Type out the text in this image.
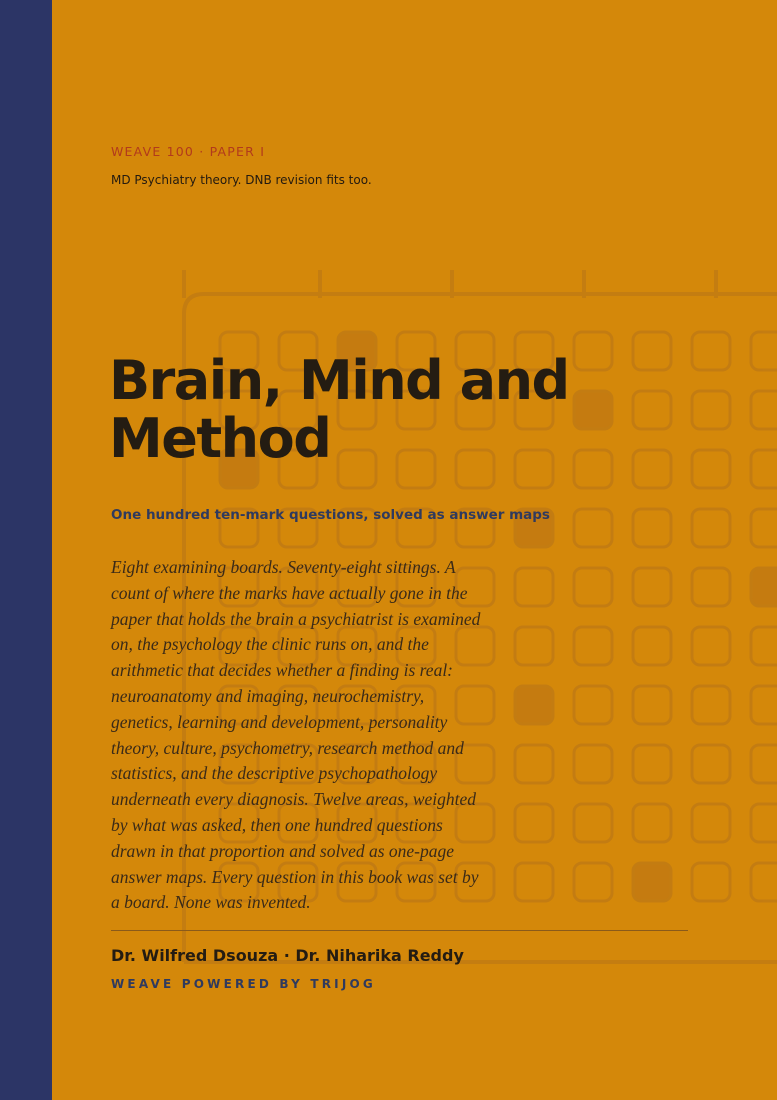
WEAVE 100 · PAPER I
MD Psychiatry theory. DNB revision fits too.
Brain, Mind and
Method
One hundred ten-mark questions, solved as answer maps

Eight examining boards. Seventy-eight sittings. A count of where the marks have actually gone in the paper that holds the brain a psychiatrist is examined on, the psychology the clinic runs on, and the arithmetic that decides whether a finding is real: neuroanatomy and imaging, neurochemistry, genetics, learning and development, personality theory, culture, psychometry, research method and statistics, and the descriptive psychopathology underneath every diagnosis. Twelve areas, weighted by what was asked, then one hundred questions drawn in that proportion and solved as one-page answer maps. Every question in this book was set by a board. None was invented.

Dr. Wilfred Dsouza · Dr. Niharika Reddy
WEAVE POWERED BY TRIJOG
